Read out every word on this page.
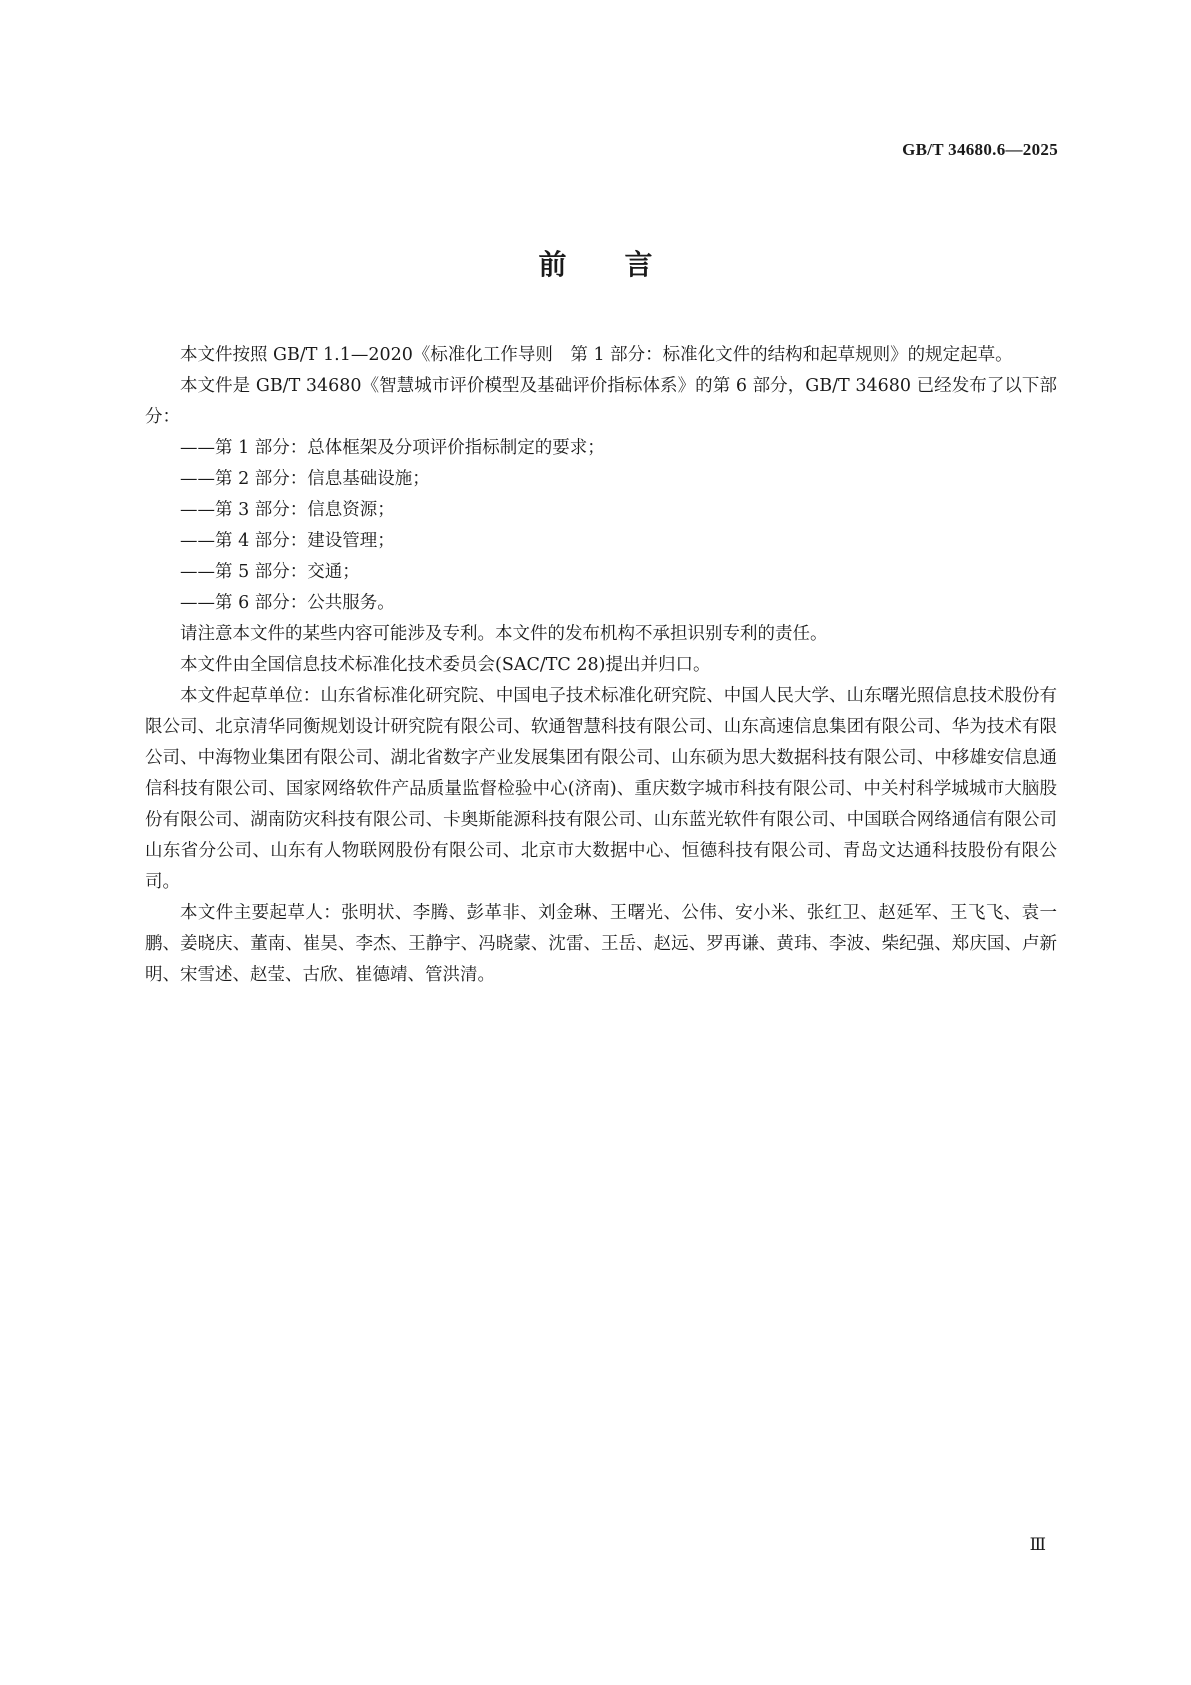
GB/T 34680.6—2025
前言

本文件按照 GB/T 1.1—2020《标准化工作导则　第 1 部分：标准化文件的结构和起草规则》的规定起草。

本文件是 GB/T 34680《智慧城市评价模型及基础评价指标体系》的第 6 部分，GB/T 34680 已经发布了以下部分：

——第 1 部分：总体框架及分项评价指标制定的要求；
——第 2 部分：信息基础设施；
——第 3 部分：信息资源；
——第 4 部分：建设管理；
——第 5 部分：交通；
——第 6 部分：公共服务。

请注意本文件的某些内容可能涉及专利。本文件的发布机构不承担识别专利的责任。

本文件由全国信息技术标准化技术委员会(SAC/TC 28)提出并归口。

本文件起草单位：山东省标准化研究院、中国电子技术标准化研究院、中国人民大学、山东曙光照信息技术股份有限公司、北京清华同衡规划设计研究院有限公司、软通智慧科技有限公司、山东高速信息集团有限公司、华为技术有限公司、中海物业集团有限公司、湖北省数字产业发展集团有限公司、山东硕为思大数据科技有限公司、中移雄安信息通信科技有限公司、国家网络软件产品质量监督检验中心(济南)、重庆数字城市科技有限公司、中关村科学城城市大脑股份有限公司、湖南防灾科技有限公司、卡奥斯能源科技有限公司、山东蓝光软件有限公司、中国联合网络通信有限公司山东省分公司、山东有人物联网股份有限公司、北京市大数据中心、恒德科技有限公司、青岛文达通科技股份有限公司。

本文件主要起草人：张明状、李腾、彭革非、刘金琳、王曙光、公伟、安小米、张红卫、赵延军、王飞飞、袁一鹏、姜晓庆、董南、崔昊、李杰、王静宇、冯晓蒙、沈雷、王岳、赵远、罗再谦、黄玮、李波、柴纪强、郑庆国、卢新明、宋雪述、赵莹、古欣、崔德靖、管洪清。

Ⅲ
